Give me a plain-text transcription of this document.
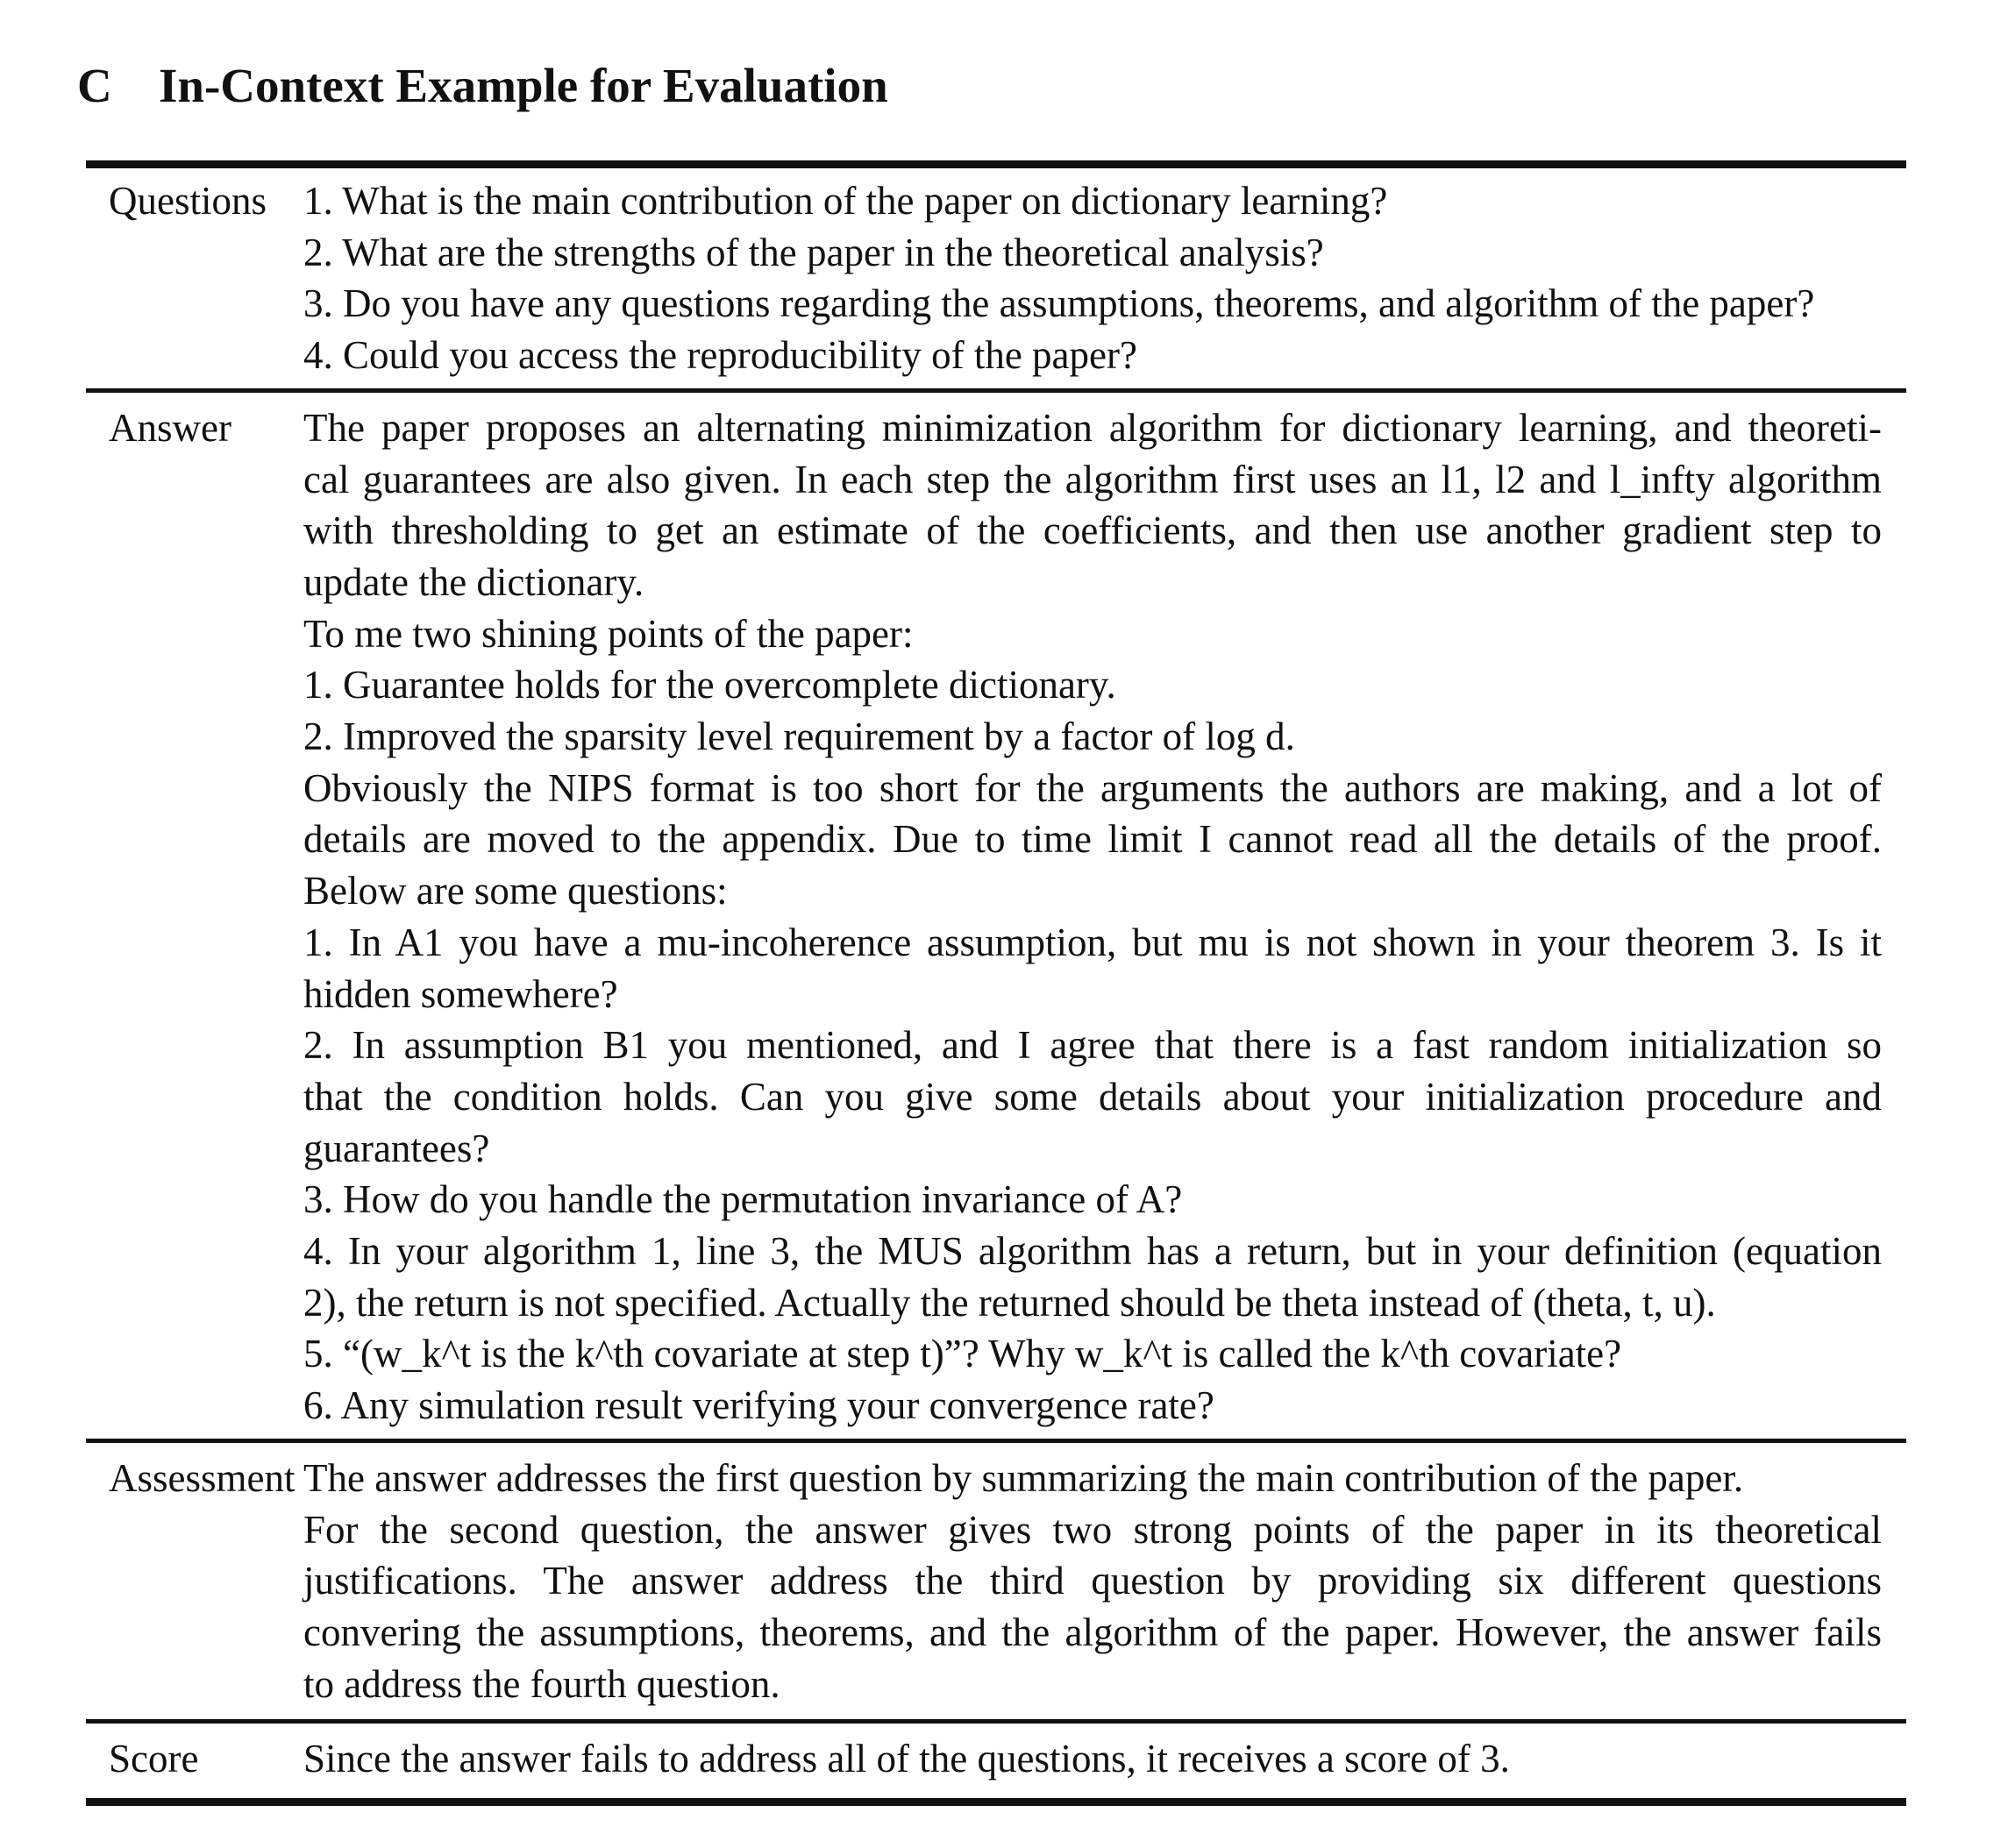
C In-Context Example for Evaluation
Questions 1. What is the main contribution of the paper on dictionary learning?
2. What are the strengths of the paper in the theoretical analysis?
3. Do you have any questions regarding the assumptions, theorems, and algorithm of the paper?
4. Could you access the reproducibility of the paper?
Answer	The paper proposes an alternating minimization algorithm for dictionary learning, and theoreti-
cal guarantees are also given. In each step the algorithm first uses an l1, l2 and l_infty algorithm
with thresholding to get an estimate of the coefficients, and then use another gradient step to
update the dictionary.
To me two shining points of the paper:
1. Guarantee holds for the overcomplete dictionary.
2. Improved the sparsity level requirement by a factor of log d.
Obviously the NIPS format is too short for the arguments the authors are making, and a lot of
details are moved to the appendix. Due to time limit I cannot read all the details of the proof.
Below are some questions:
1. In A1 you have a mu-incoherence assumption, but mu is not shown in your theorem 3. Is it
hidden somewhere?
2. In assumption B1 you mentioned, and I agree that there is a fast random initialization so
that the condition holds. Can you give some details about your initialization procedure and
guarantees?
3. How do you handle the permutation invariance of A?
4. In your algorithm 1, line 3, the MUS algorithm has a return, but in your definition (equation
2), the return is not specified. Actually the returned should be theta instead of (theta, t, u).
5. “(w_k^t is the k^th covariate at step t)”? Why w_k^t is called the k^th covariate?
6. Any simulation result verifying your convergence rate?
Assessment The answer addresses the first question by summarizing the main contribution of the paper.
For the second question, the answer gives two strong points of the paper in its theoretical
justifications. The answer address the third question by providing six different questions
convering the assumptions, theorems, and the algorithm of the paper. However, the answer fails
to address the fourth question.
Score	Since the answer fails to address all of the questions, it receives a score of 3.
